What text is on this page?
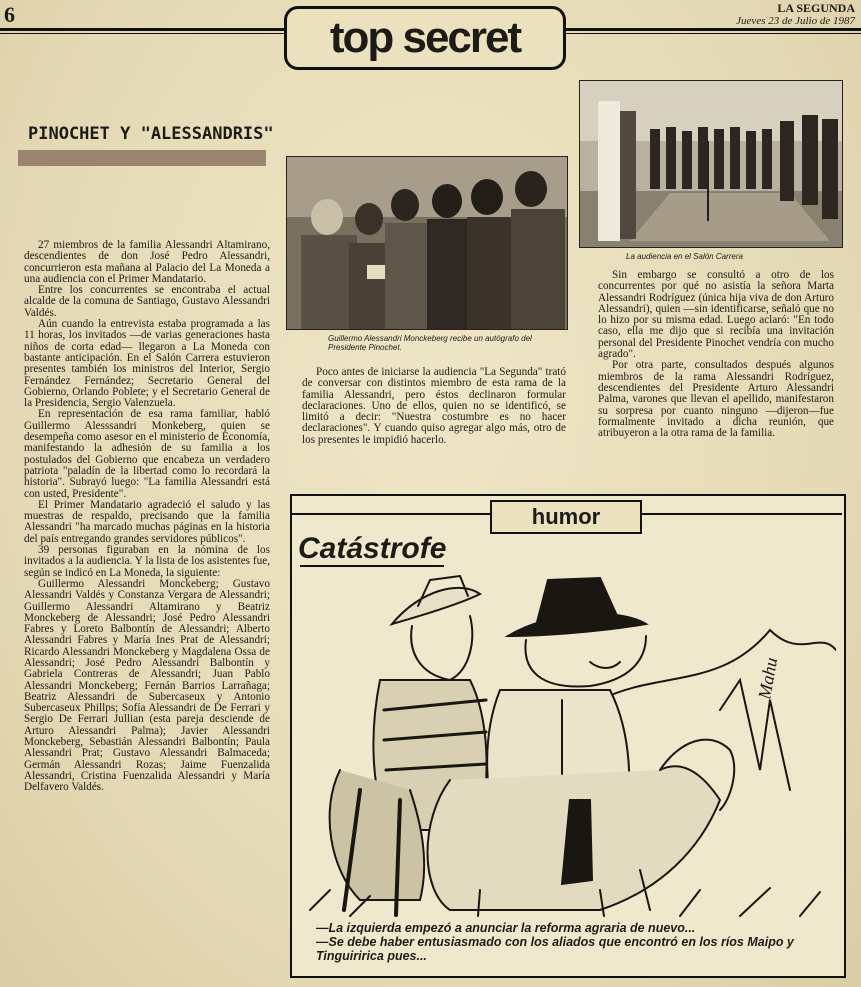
6	top secret
LA SEGUNDA
Jueves 23 de Julio de 1987
PINOCHET Y "ALESSANDRIS"

27 miembros de la familia Alessandri Altamirano, descendientes de don José Pedro Alessandri, concurrieron esta mañana al Palacio del La Moneda a una audiencia con el Primer Mandatario.

Entre los concurrentes se encontraba el actual alcalde de la comuna de Santiago, Gustavo Alessandri Valdés.

Aún cuando la entrevista estaba programada a las 11 horas, los invitados —de varias generaciones hasta niños de corta edad— llegaron a La Moneda con bastante anticipación. En el Salón Carrera estuvieron presentes también los ministros del Interior, Sergio Fernández Fernández; Secretario General del Gobierno, Orlando Poblete; y el Secretario General de la Presidencia, Sergio Valenzuela.

En representación de esa rama familiar, habló Guillermo Alesssandri Monkeberg, quien se desempeña como asesor en el ministerio de Economía, manifestando la adhesión de su familia a los postulados del Gobierno que encabeza un verdadero patriota "paladín de la libertad como lo recordará la historia". Subrayó luego: "La familia Alessandri está con usted, Presidente".

El Primer Mandatario agradeció el saludo y las muestras de respaldo, precisando que la familia Alessandri "ha marcado muchas páginas en la historia del país entregando grandes servidores públicos".

39 personas figuraban en la nómina de los invitados a la audiencia. Y la lista de los asistentes fue, según se indicó en La Moneda, la siguiente:

Guillermo Alessandri Monckeberg; Gustavo Alessandri Valdés y Constanza Vergara de Alessandri; Guillermo Alessandri Altamirano y Beatriz Monckeberg de Alessandri; José Pedro Alessandri Fabres y Loreto Balbontín de Alessandri; Alberto Alessandri Fabres y María Ines Prat de Alessandri; Ricardo Alessandri Monckeberg y Magdalena Ossa de Alessandri; José Pedro Alessandri Balbontín y Gabriela Contreras de Alessandri; Juan Pablo Alessandri Monckeberg; Fernán Barrios Larrañaga; Beatriz Alessandri de Subercaseux y Antonio Subercaseux Phillps; Sofía Alessandri de De Ferrari y Sergio De Ferrari Jullian (esta pareja desciende de Arturo Alessandri Palma); Javier Alessandri Monckeberg, Sebastián Alessandri Balbontín; Paula Alessandri Prat; Gustavo Alessandri Balmaceda; Germán Alessandri Rozas; Jaime Fuenzalida Alessandri, Cristina Fuenzalida Alessandri y María Delfavero Valdés.

Guillermo Alessandri Monckeberg recibe un autógrafo del Presidente Pinochet.

Poco antes de iniciarse la audiencia "La Segunda" trató de conversar con distintos miembro de esta rama de la familia Alessandri, pero éstos declinaron formular declaraciones. Uno de ellos, quien no se identificó, se limitó a decir: "Nuestra costumbre es no hacer declaraciones". Y cuando quiso agregar algo más, otro de los presentes le impidió hacerlo.

La audiencia en el Salón Carrera

Sin embargo se consultó a otro de los concurrentes por qué no asistía la señora Marta Alessandri Rodríguez (única hija viva de don Arturo Alessandri), quien —sin identificarse, señaló que no lo hizo por su misma edad. Luego aclaró: "En todo caso, ella me dijo que si recibía una invitación personal del Presidente Pinochet vendría con mucho agrado".

Por otra parte, consultados después algunos miembros de la rama Alessandri Rodríguez, descendientes del Presidente Arturo Alessandri Palma, varones que llevan el apellido, manifestaron su sorpresa por cuanto ninguno —dijeron—fue formalmente invitado a dicha reunión, que atribuyeron a la otra rama de la familia.

humor
Catástrofe
Mahu
—La izquierda empezó a anunciar la reforma agraria de nuevo...
—Se debe haber entusiasmado con los aliados que encontró en los ríos Maipo y Tinguiririca pues...
